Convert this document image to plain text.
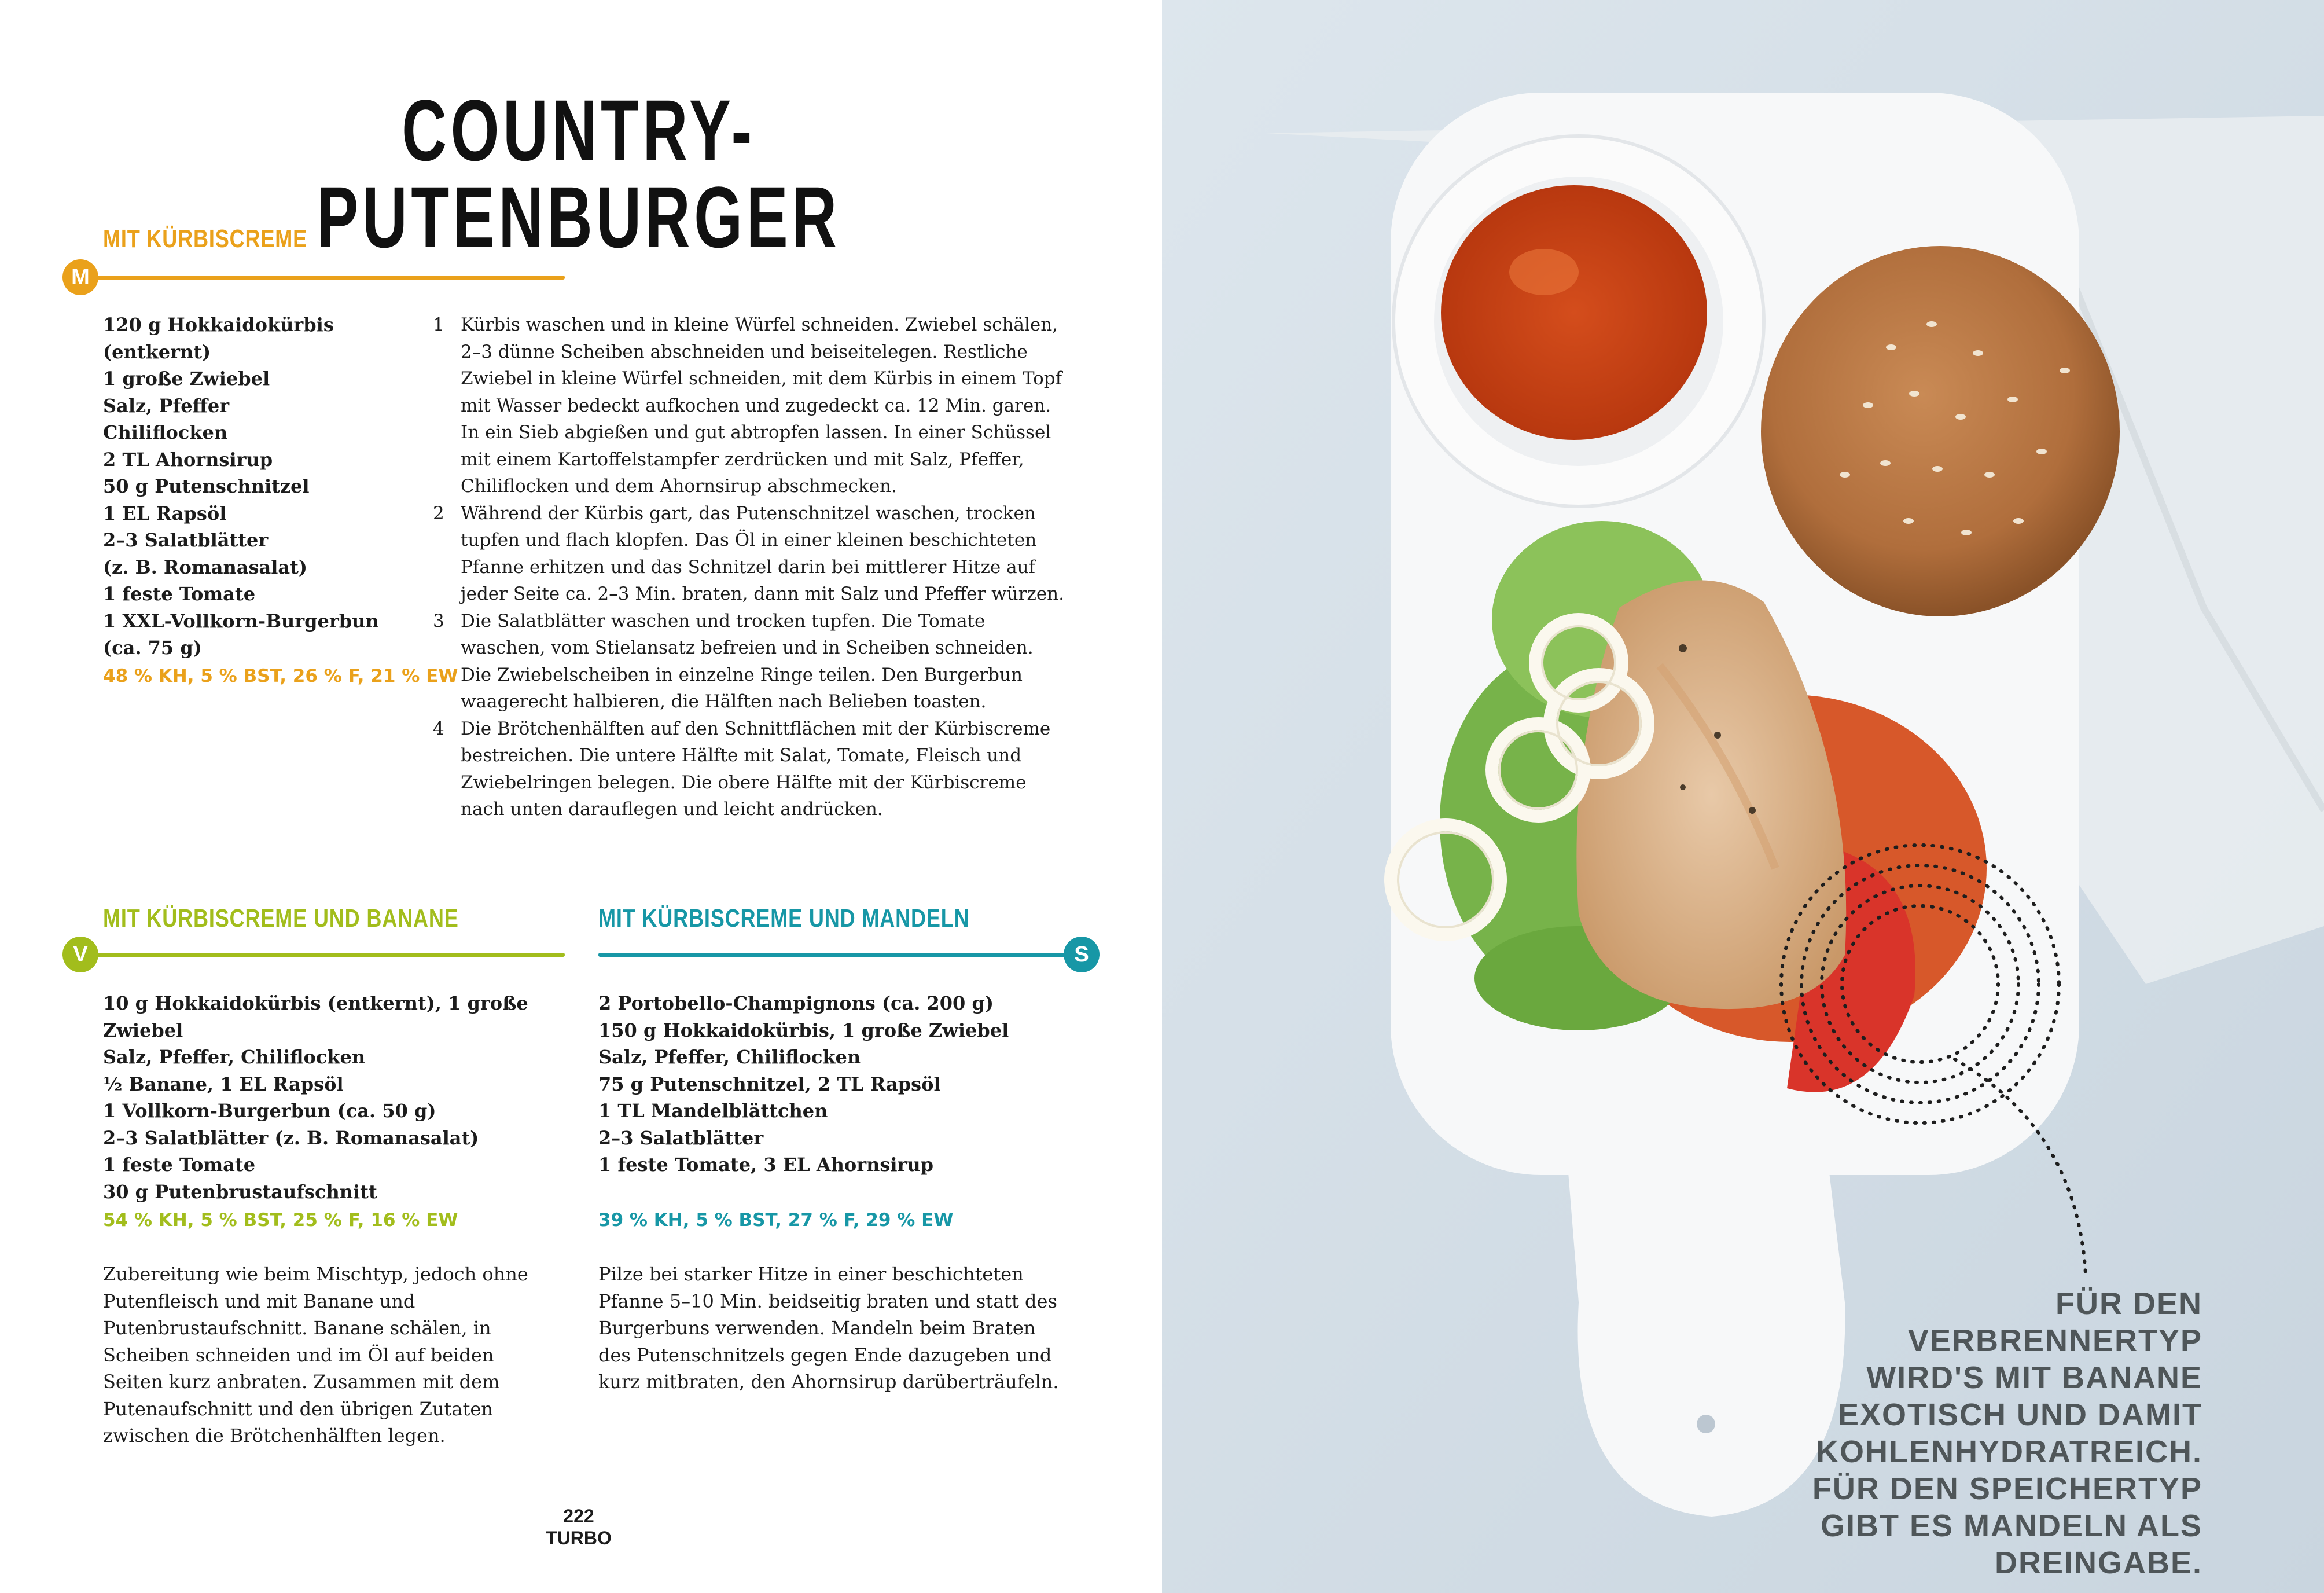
COUNTRY-PUTENBURGER
MIT KÜRBISCREME
M
120 g Hokkaidokürbis (entkernt)
1 große Zwiebel
Salz, Pfeffer
Chiliflocken
2 TL Ahornsirup
50 g Putenschnitzel
1 EL Rapsöl
2–3 Salatblätter
(z. B. Romanasalat)
1 feste Tomate
1 XXL-Vollkorn-Burgerbun
(ca. 75 g)
48 % KH, 5 % BST, 26 % F, 21 % EW
1 Kürbis waschen und in kleine Würfel schneiden. Zwiebel schälen, 2–3 dünne Scheiben abschneiden und beiseitelegen. Restliche Zwiebel in kleine Würfel schneiden, mit dem Kürbis in einem Topf mit Wasser bedeckt aufkochen und zugedeckt ca. 12 Min. garen. In ein Sieb abgießen und gut abtropfen lassen. In einer Schüssel mit einem Kartoffelstampfer zerdrücken und mit Salz, Pfeffer, Chiliflocken und dem Ahornsirup abschmecken.
2 Während der Kürbis gart, das Putenschnitzel waschen, trocken tupfen und flach klopfen. Das Öl in einer kleinen beschichteten Pfanne erhitzen und das Schnitzel darin bei mittlerer Hitze auf jeder Seite ca. 2–3 Min. braten, dann mit Salz und Pfeffer würzen.
3 Die Salatblätter waschen und trocken tupfen. Die Tomate waschen, vom Stielansatz befreien und in Scheiben schneiden. Die Zwiebelscheiben in einzelne Ringe teilen. Den Burgerbun waagerecht halbieren, die Hälften nach Belieben toasten.
4 Die Brötchenhälften auf den Schnittflächen mit der Kürbiscreme bestreichen. Die untere Hälfte mit Salat, Tomate, Fleisch und Zwiebelringen belegen. Die obere Hälfte mit der Kürbiscreme nach unten darauflegen und leicht andrücken.
MIT KÜRBISCREME UND BANANE
V
10 g Hokkaidokürbis (entkernt), 1 große Zwiebel
Salz, Pfeffer, Chiliflocken
½ Banane, 1 EL Rapsöl
1 Vollkorn-Burgerbun (ca. 50 g)
2–3 Salatblätter (z. B. Romanasalat)
1 feste Tomate
30 g Putenbrustaufschnitt
54 % KH, 5 % BST, 25 % F, 16 % EW

Zubereitung wie beim Mischtyp, jedoch ohne Putenfleisch und mit Banane und Putenbrustaufschnitt. Banane schälen, in Scheiben schneiden und im Öl auf beiden Seiten kurz anbraten. Zusammen mit dem Putenaufschnitt und den übrigen Zutaten zwischen die Brötchenhälften legen.

MIT KÜRBISCREME UND MANDELN
S
2 Portobello-Champignons (ca. 200 g)
150 g Hokkaidokürbis, 1 große Zwiebel
Salz, Pfeffer, Chiliflocken
75 g Putenschnitzel, 2 TL Rapsöl
1 TL Mandelblättchen
2–3 Salatblätter
1 feste Tomate, 3 EL Ahornsirup
39 % KH, 5 % BST, 27 % F, 29 % EW

Pilze bei starker Hitze in einer beschichteten Pfanne 5–10 Min. beidseitig braten und statt des Burgerbuns verwenden. Mandeln beim Braten des Putenschnitzels gegen Ende dazugeben und kurz mitbraten, den Ahornsirup darüberträufeln.

222
TURBO
FÜR DEN VERBRENNERTYP WIRD'S MIT BANANE EXOTISCH UND DAMIT KOHLENHYDRATREICH. FÜR DEN SPEICHERTYP GIBT ES MANDELN ALS DREINGABE.
